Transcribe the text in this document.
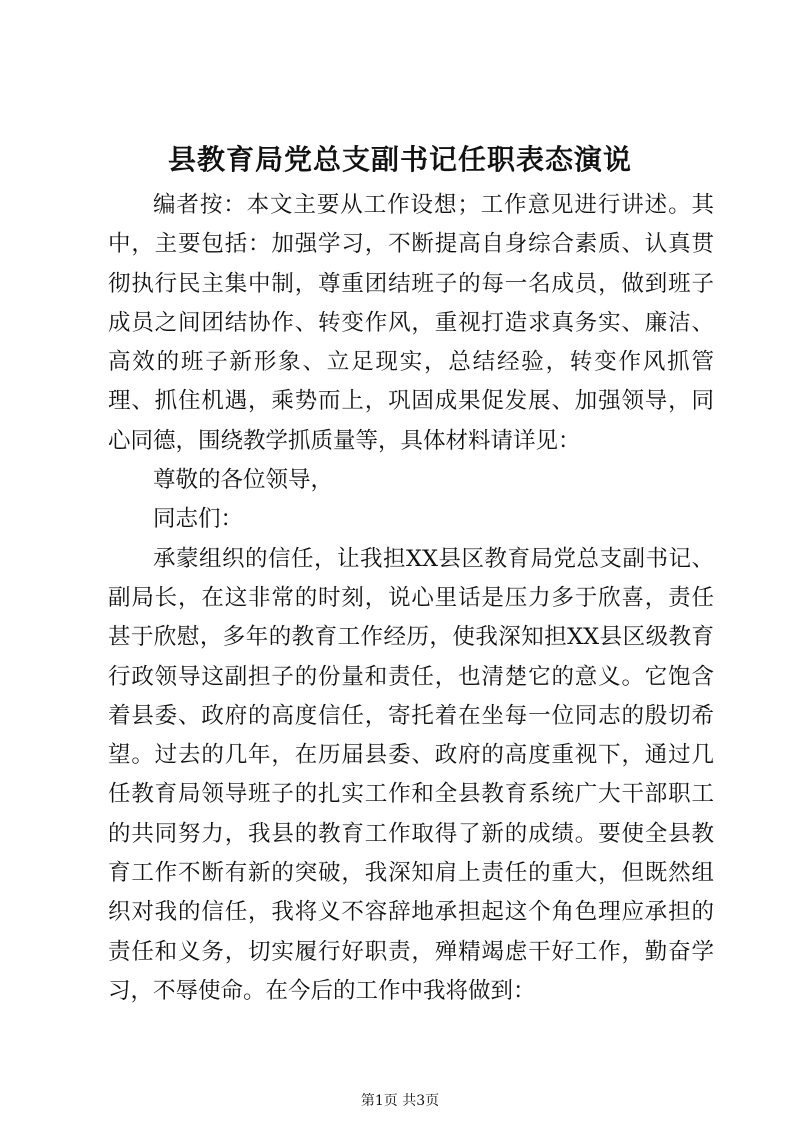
县教育局党总支副书记任职表态演说

编者按：本文主要从工作设想；工作意见进行讲述。其中，主要包括：加强学习，不断提高自身综合素质、认真贯彻执行民主集中制，尊重团结班子的每一名成员，做到班子成员之间团结协作、转变作风，重视打造求真务实、廉洁、高效的班子新形象、立足现实，总结经验，转变作风抓管理、抓住机遇，乘势而上，巩固成果促发展、加强领导，同心同德，围绕教学抓质量等，具体材料请详见：

尊敬的各位领导，

同志们：

承蒙组织的信任，让我担XX县区教育局党总支副书记、副局长，在这非常的时刻，说心里话是压力多于欣喜，责任甚于欣慰，多年的教育工作经历，使我深知担XX县区级教育行政领导这副担子的份量和责任，也清楚它的意义。它饱含着县委、政府的高度信任，寄托着在坐每一位同志的殷切希望。过去的几年，在历届县委、政府的高度重视下，通过几任教育局领导班子的扎实工作和全县教育系统广大干部职工的共同努力，我县的教育工作取得了新的成绩。要使全县教育工作不断有新的突破，我深知肩上责任的重大，但既然组织对我的信任，我将义不容辞地承担起这个角色理应承担的责任和义务，切实履行好职责，殚精竭虑干好工作，勤奋学习，不辱使命。在今后的工作中我将做到：

第1页 共3页
